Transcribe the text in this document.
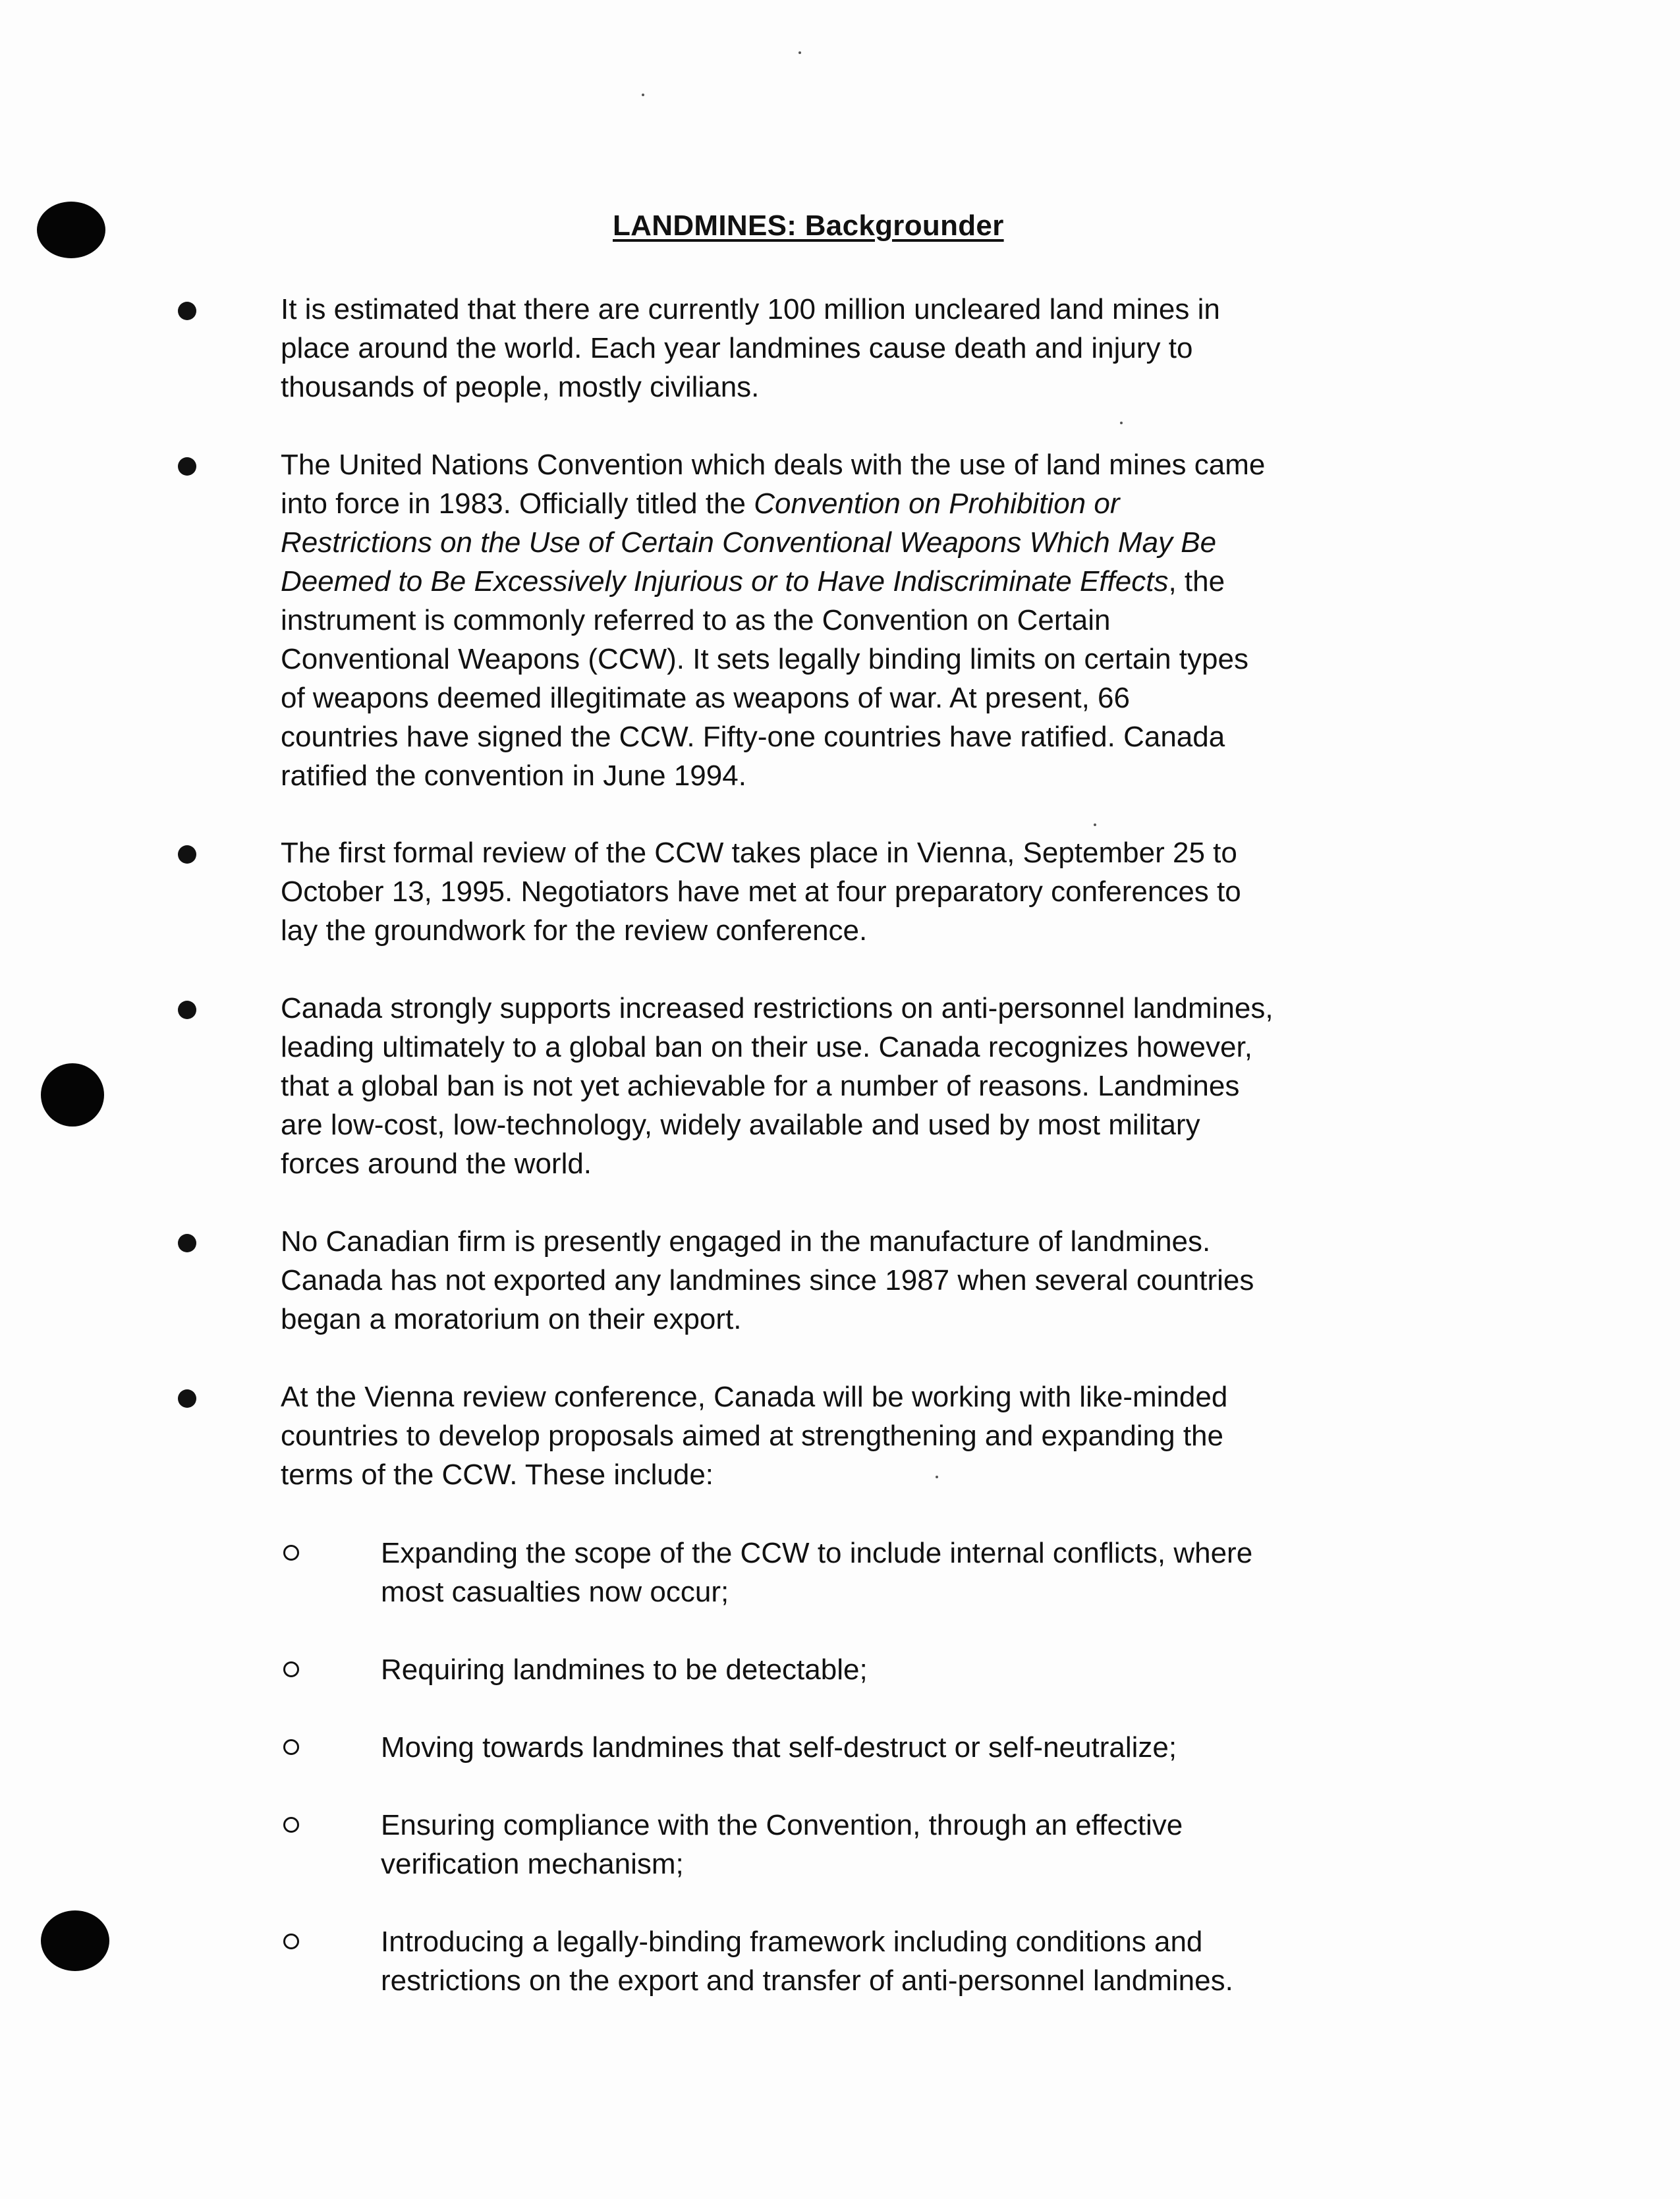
LANDMINES: Backgrounder
It is estimated that there are currently 100 million uncleared land mines in
place around the world. Each year landmines cause death and injury to
thousands of people, mostly civilians.
The United Nations Convention which deals with the use of land mines came
into force in 1983. Officially titled the Convention on Prohibition or
Restrictions on the Use of Certain Conventional Weapons Which May Be
Deemed to Be Excessively Injurious or to Have Indiscriminate Effects, the
instrument is commonly referred to as the Convention on Certain
Conventional Weapons (CCW). It sets legally binding limits on certain types
of weapons deemed illegitimate as weapons of war. At present, 66
countries have signed the CCW. Fifty-one countries have ratified. Canada
ratified the convention in June 1994.
The first formal review of the CCW takes place in Vienna, September 25 to
October 13, 1995. Negotiators have met at four preparatory conferences to
lay the groundwork for the review conference.
Canada strongly supports increased restrictions on anti-personnel landmines,
leading ultimately to a global ban on their use. Canada recognizes however,
that a global ban is not yet achievable for a number of reasons. Landmines
are low-cost, low-technology, widely available and used by most military
forces around the world.
No Canadian firm is presently engaged in the manufacture of landmines.
Canada has not exported any landmines since 1987 when several countries
began a moratorium on their export.
At the Vienna review conference, Canada will be working with like-minded
countries to develop proposals aimed at strengthening and expanding the
terms of the CCW. These include:
Expanding the scope of the CCW to include internal conflicts, where
most casualties now occur;
Requiring landmines to be detectable;
Moving towards landmines that self-destruct or self-neutralize;
Ensuring compliance with the Convention, through an effective
verification mechanism;
Introducing a legally-binding framework including conditions and
restrictions on the export and transfer of anti-personnel landmines.
